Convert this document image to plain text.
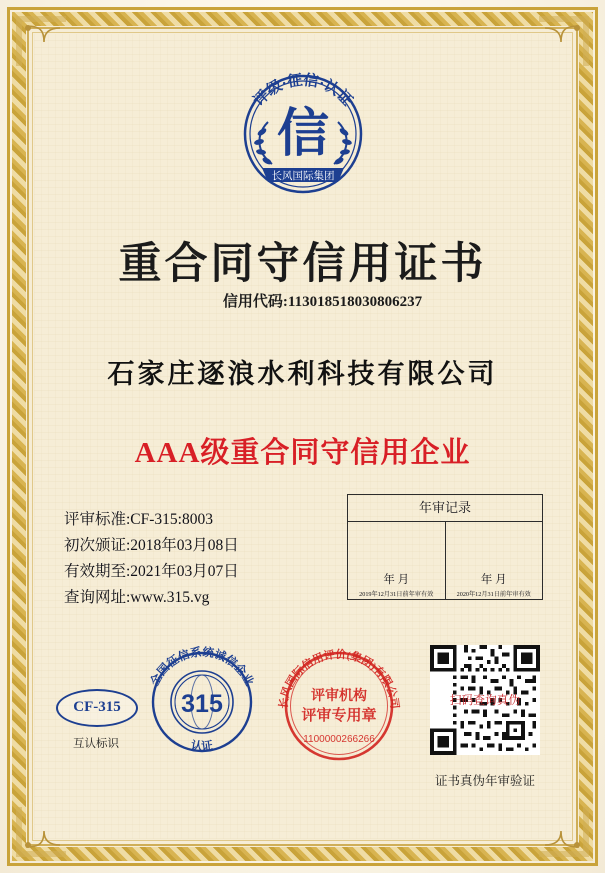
评级·征信·认证
信
长风国际集团
重合同守信用证书
信用代码:113018518030806237
石家庄逐浪水利科技有限公司
AAA级重合同守信用企业
评审标准:CF-315:8003
初次颁证:2018年03月08日
有效期至:2021年03月07日
查询网址:www.315.vg
年审记录
年 月
2019年12月31日前年审有效
年 月
2020年12月31日前年审有效
CF-315
互认标识
全国征信系统诚信企业
认证
315	长风国际信用评价(集团)有限公司
评审机构
评审专用章
1100000266266
扫码查询真伪
证书真伪年审验证
